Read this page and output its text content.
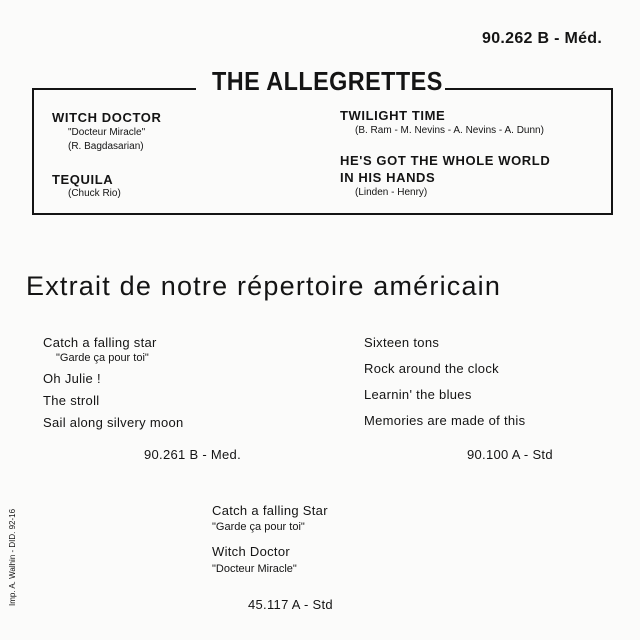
90.262 B - Méd.
THE ALLEGRETTES
WITCH DOCTOR
"Docteur Miracle"
(R. Bagdasarian)
TEQUILA
(Chuck Rio)
TWILIGHT TIME
(B. Ram - M. Nevins - A. Nevins - A. Dunn)
HE'S GOT THE WHOLE WORLD
IN HIS HANDS
(Linden - Henry)
Extrait de notre répertoire américain
Catch a falling star
"Garde ça pour toi"
Oh Julie !
The stroll
Sail along silvery moon
90.261 B - Med.
Sixteen tons
Rock around the clock
Learnin' the blues
Memories are made of this
90.100 A - Std
Catch a falling Star
"Garde ça pour toi"
Witch Doctor
"Docteur Miracle"
45.117 A - Std
Imp. A. Walhin - DID. 92-16
